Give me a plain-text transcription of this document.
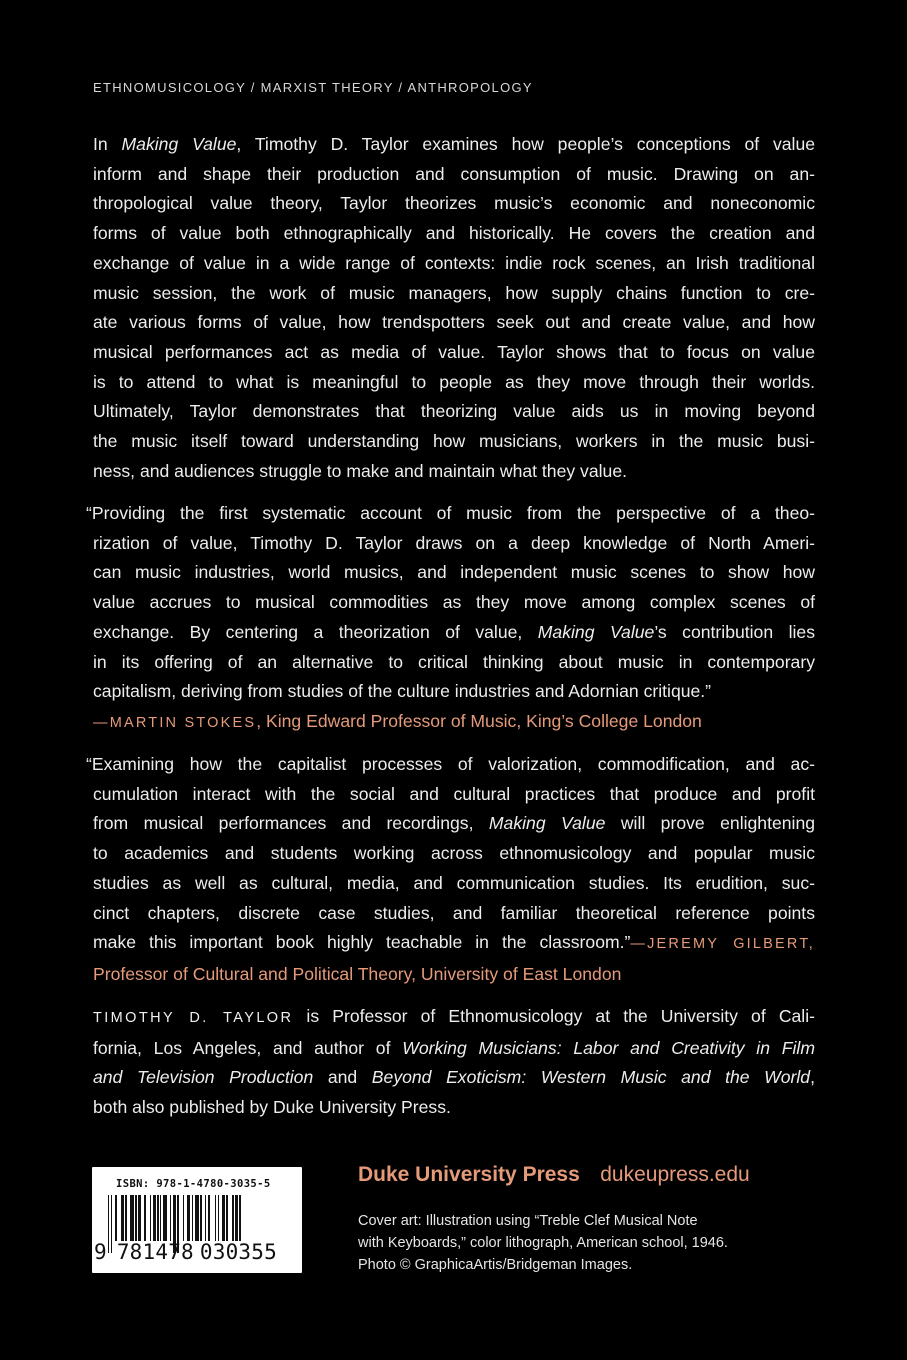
ETHNOMUSICOLOGY / MARXIST THEORY / ANTHROPOLOGY
In Making Value, Timothy D. Taylor examines how people’s conceptions of value
inform and shape their production and consumption of music. Drawing on an-
thropological value theory, Taylor theorizes music’s economic and noneconomic
forms of value both ethnographically and historically. He covers the creation and
exchange of value in a wide range of contexts: indie rock scenes, an Irish traditional
music session, the work of music managers, how supply chains function to cre-
ate various forms of value, how trendspotters seek out and create value, and how
musical performances act as media of value. Taylor shows that to focus on value
is to attend to what is meaningful to people as they move through their worlds.
Ultimately, Taylor demonstrates that theorizing value aids us in moving beyond
the music itself toward understanding how musicians, workers in the music busi-
ness, and audiences struggle to make and maintain what they value.
“Providing the first systematic account of music from the perspective of a theo-
rization of value, Timothy D. Taylor draws on a deep knowledge of North Ameri-
can music industries, world musics, and independent music scenes to show how
value accrues to musical commodities as they move among complex scenes of
exchange. By centering a theorization of value, Making Value’s contribution lies
in its offering of an alternative to critical thinking about music in contemporary
capitalism, deriving from studies of the culture industries and Adornian critique.”
—MARTIN STOKES, King Edward Professor of Music, King’s College London
“Examining how the capitalist processes of valorization, commodification, and ac-
cumulation interact with the social and cultural practices that produce and profit
from musical performances and recordings, Making Value will prove enlightening
to academics and students working across ethnomusicology and popular music
studies as well as cultural, media, and communication studies. Its erudition, suc-
cinct chapters, discrete case studies, and familiar theoretical reference points
make this important book highly teachable in the classroom.”—JEREMY GILBERT,
Professor of Cultural and Political Theory, University of East London
TIMOTHY D. TAYLOR is Professor of Ethnomusicology at the University of Cali-
fornia, Los Angeles, and author of Working Musicians: Labor and Creativity in Film
and Television Production and Beyond Exoticism: Western Music and the World,
both also published by Duke University Press.
ISBN: 978-1-4780-3035-5
9 781478 030355
Duke University Press dukeupress.edu
Cover art: Illustration using “Treble Clef Musical Note
with Keyboards,” color lithograph, American school, 1946.
Photo © GraphicaArtis/Bridgeman Images.
